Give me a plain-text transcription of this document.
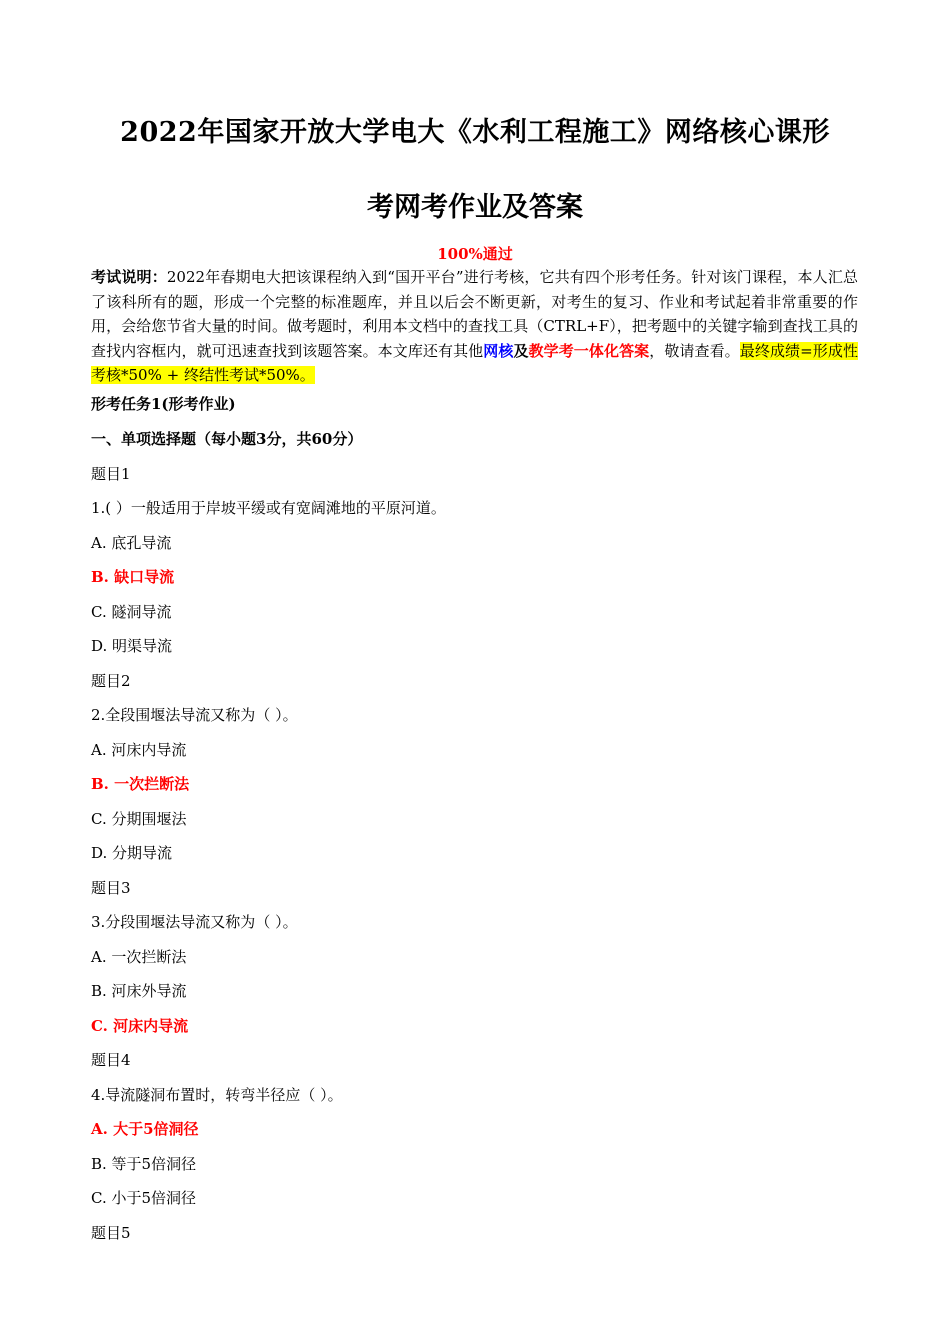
2022年国家开放大学电大《水利工程施工》网络核心课形
考网考作业及答案
100%通过
考试说明：2022年春期电大把该课程纳入到“国开平台”进行考核，它共有四个形考任务。针对该门课程，本人汇总了该科所有的题，形成一个完整的标准题库，并且以后会不断更新，对考生的复习、作业和考试起着非常重要的作用，会给您节省大量的时间。做考题时，利用本文档中的查找工具（CTRL+F），把考题中的关键字输到查找工具的查找内容框内，就可迅速查找到该题答案。本文库还有其他网核及教学考一体化答案，敬请查看。最终成绩=形成性考核*50% + 终结性考试*50%。
形考任务1(形考作业)
一、单项选择题（每小题3分，共60分）
题目1
1.( ）一般适用于岸坡平缓或有宽阔滩地的平原河道。
A. 底孔导流
B. 缺口导流
C. 隧洞导流
D. 明渠导流
题目2
2.全段围堰法导流又称为（ ）。
A. 河床内导流
B. 一次拦断法
C. 分期围堰法
D. 分期导流
题目3
3.分段围堰法导流又称为（ ）。
A. 一次拦断法
B. 河床外导流
C. 河床内导流
题目4
4.导流隧洞布置时，转弯半径应（ ）。
A. 大于5倍洞径
B. 等于5倍洞径
C. 小于5倍洞径
题目5
